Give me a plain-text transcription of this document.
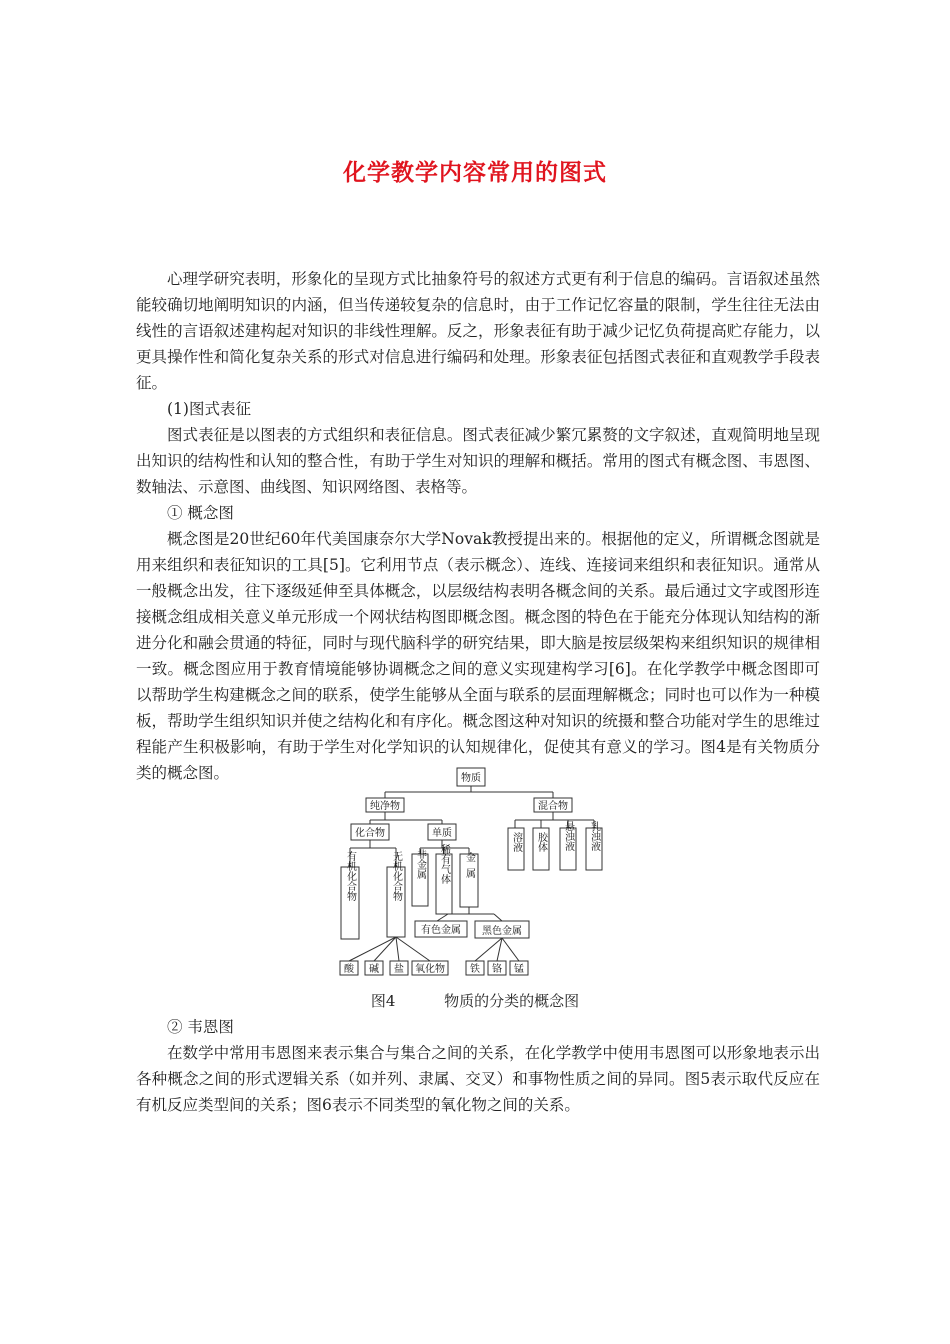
化学教学内容常用的图式

心理学研究表明，形象化的呈现方式比抽象符号的叙述方式更有利于信息的编码。言语叙述虽然能较确切地阐明知识的内涵，但当传递较复杂的信息时，由于工作记忆容量的限制，学生往往无法由线性的言语叙述建构起对知识的非线性理解。反之，形象表征有助于减少记忆负荷提高贮存能力，以更具操作性和简化复杂关系的形式对信息进行编码和处理。形象表征包括图式表征和直观教学手段表征。

(1)图式表征

图式表征是以图表的方式组织和表征信息。图式表征减少繁冗累赘的文字叙述，直观简明地呈现出知识的结构性和认知的整合性，有助于学生对知识的理解和概括。常用的图式有概念图、韦恩图、数轴法、示意图、曲线图、知识网络图、表格等。

① 概念图

概念图是20世纪60年代美国康奈尔大学Novak教授提出来的。根据他的定义，所谓概念图就是用来组织和表征知识的工具[5]。它利用节点（表示概念）、连线、连接词来组织和表征知识。通常从一般概念出发，往下逐级延伸至具体概念，以层级结构表明各概念间的关系。最后通过文字或图形连接概念组成相关意义单元形成一个网状结构图即概念图。概念图的特色在于能充分体现认知结构的渐进分化和融会贯通的特征，同时与现代脑科学的研究结果，即大脑是按层级架构来组织知识的规律相一致。概念图应用于教育情境能够协调概念之间的意义实现建构学习[6]。在化学教学中概念图即可以帮助学生构建概念之间的联系，使学生能够从全面与联系的层面理解概念；同时也可以作为一种模板，帮助学生组织知识并使之结构化和有序化。概念图这种对知识的统摄和整合功能对学生的思维过程能产生积极影响，有助于学生对化学知识的认知规律化，促使其有意义的学习。图4是有关物质分类的概念图。	物质
纯净物	混合物
化合物	单质
有色金属 黑色金属
酸 碱 盐 氧化物	铁 铬 锰
溶液 胶体 悬浊液 乳浊液
有机化合物	无机化合物 非金属 稀有气体 金属
图4	物质的分类的概念图

② 韦恩图

在数学中常用韦恩图来表示集合与集合之间的关系，在化学教学中使用韦恩图可以形象地表示出各种概念之间的形式逻辑关系（如并列、隶属、交叉）和事物性质之间的异同。图5表示取代反应在有机反应类型间的关系；图6表示不同类型的氧化物之间的关系。
